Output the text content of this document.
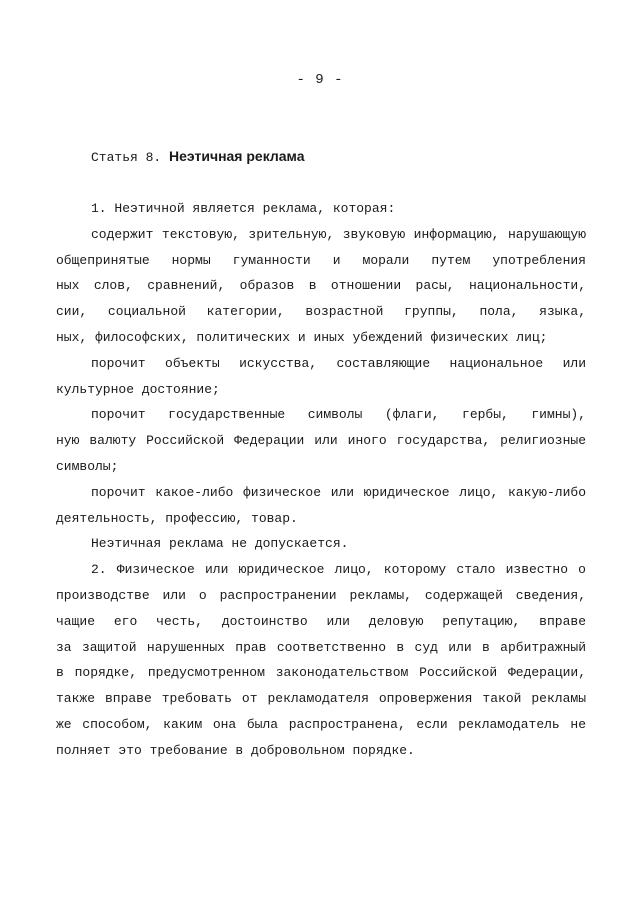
- 9 -
Статья 8. Неэтичная реклама
1. Неэтичной является реклама, которая:
содержит текстовую, зрительную, звуковую информацию, нарушающую
общепринятые нормы гуманности и морали путем употребления
ных слов, сравнений, образов в отношении расы, национальности,
сии, социальной категории, возрастной группы, пола, языка,
ных, философских, политических и иных убеждений физических лиц;
порочит объекты искусства, составляющие национальное или
культурное достояние;
порочит государственные символы (флаги, гербы, гимны),
ную валюту Российской Федерации или иного государства, религиозные
символы;
порочит какое-либо физическое или юридическое лицо, какую-либо
деятельность, профессию, товар.
Неэтичная реклама не допускается.
2. Физическое или юридическое лицо, которому стало известно о
производстве или о распространении рекламы, содержащей сведения,
чащие его честь, достоинство или деловую репутацию, вправе
за защитой нарушенных прав соответственно в суд или в арбитражный
в порядке, предусмотренном законодательством Российской Федерации,
также вправе требовать от рекламодателя опровержения такой рекламы
же способом, каким она была распространена, если рекламодатель не
полняет это требование в добровольном порядке.
